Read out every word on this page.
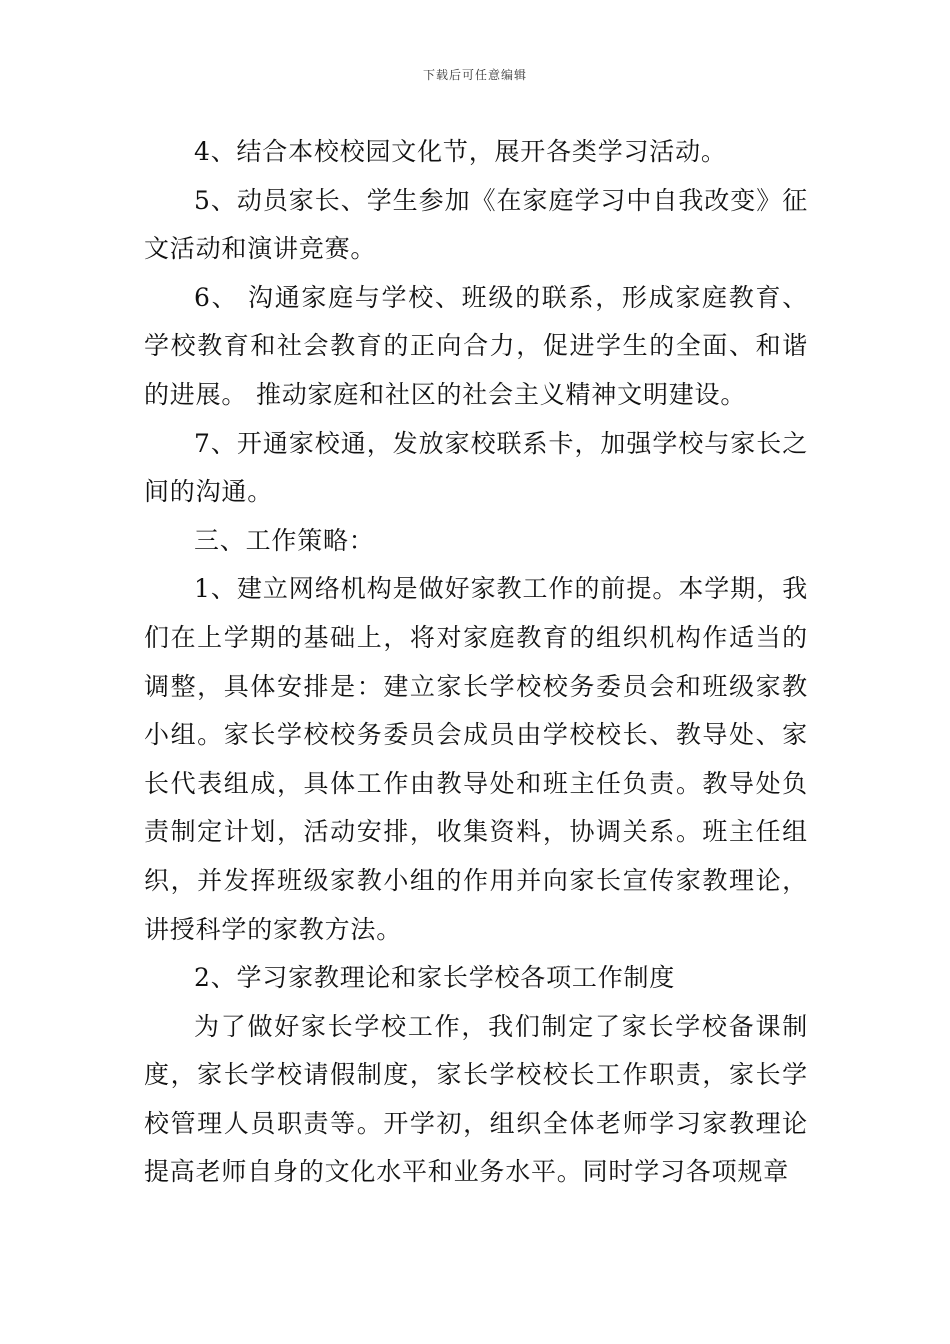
下载后可任意编辑

4、结合本校校园文化节，展开各类学习活动。

5、动员家长、学生参加《在家庭学习中自我改变》征文活动和演讲竞赛。

6、 沟通家庭与学校、班级的联系，形成家庭教育、学校教育和社会教育的正向合力，促进学生的全面、和谐的进展。 推动家庭和社区的社会主义精神文明建设。

7、开通家校通，发放家校联系卡，加强学校与家长之间的沟通。

三、工作策略：

1、建立网络机构是做好家教工作的前提。本学期，我们在上学期的基础上，将对家庭教育的组织机构作适当的调整，具体安排是：建立家长学校校务委员会和班级家教小组。家长学校校务委员会成员由学校校长、教导处、家长代表组成，具体工作由教导处和班主任负责。教导处负责制定计划，活动安排，收集资料，协调关系。班主任组织，并发挥班级家教小组的作用并向家长宣传家教理论，讲授科学的家教方法。

2、学习家教理论和家长学校各项工作制度

为了做好家长学校工作，我们制定了家长学校备课制度，家长学校请假制度，家长学校校长工作职责，家长学校管理人员职责等。开学初，组织全体老师学习家教理论提高老师自身的文化水平和业务水平。同时学习各项规章
